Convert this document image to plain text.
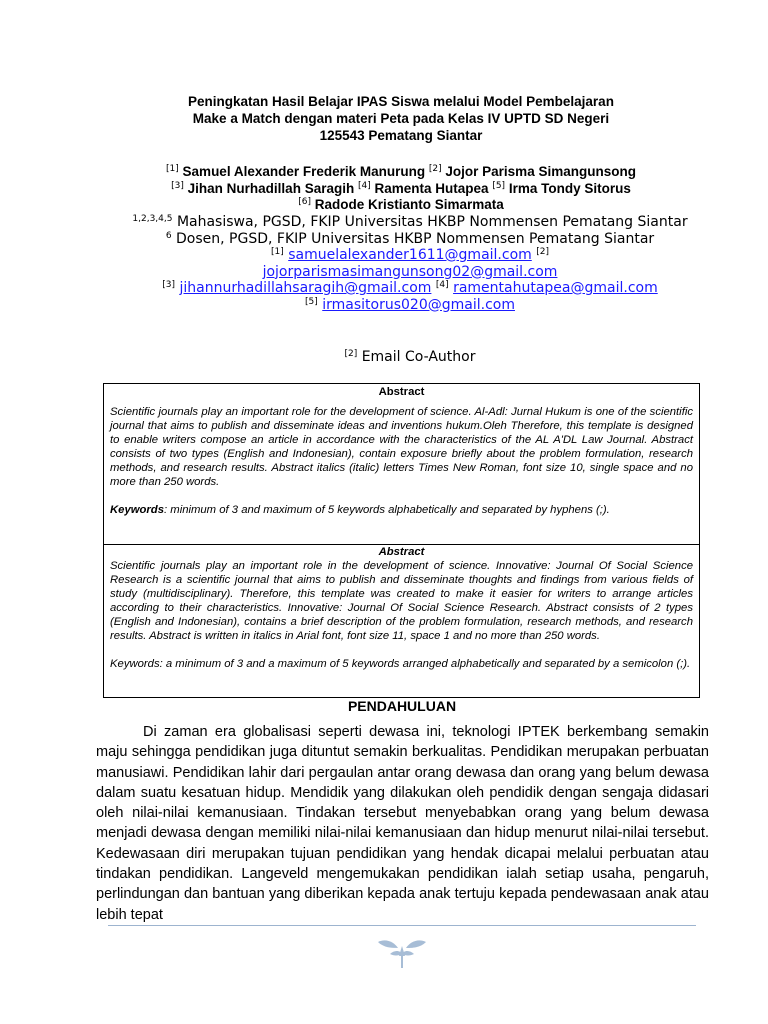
Peningkatan Hasil Belajar IPAS Siswa melalui Model Pembelajaran
Make a Match dengan materi Peta pada Kelas IV UPTD SD Negeri
125543 Pematang Siantar
[1] Samuel Alexander Frederik Manurung [2] Jojor Parisma Simangunsong
[3] Jihan Nurhadillah Saragih [4] Ramenta Hutapea [5] Irma Tondy Sitorus
[6] Radode Kristianto Simarmata
$^{1,2,3,4,5}$ Mahasiswa, PGSD, FKIP Universitas HKBP Nommensen Pematang Siantar
$^6$ Dosen, PGSD, FKIP Universitas HKBP Nommensen Pematang Siantar
[1] samuelalexander1611@gmail.com [2]
jojorparismasimangunsong02@gmail.com
[3] jihannurhadillahsaragih@gmail.com [4] ramentahutapea@gmail.com
[5] irmasitorus020@gmail.com
[2] Email Co-Author
Abstract
Scientific journals play an important role for the development of science. Al-Adl: Jurnal Hukum is one of the scientific journal that aims to publish and disseminate ideas and inventions hukum.Oleh Therefore, this template is designed to enable writers compose an article in accordance with the characteristics of the AL A'DL Law Journal. Abstract consists of two types (English and Indonesian), contain exposure briefly about the problem formulation, research methods, and research results. Abstract italics (italic) letters Times New Roman, font size 10, single space and no more than 250 words.
Keywords: minimum of 3 and maximum of 5 keywords alphabetically and separated by hyphens (;).
Abstract
Scientific journals play an important role in the development of science. Innovative: Journal Of Social Science Research is a scientific journal that aims to publish and disseminate thoughts and findings from various fields of study (multidisciplinary). Therefore, this template was created to make it easier for writers to arrange articles according to their characteristics. Innovative: Journal Of Social Science Research. Abstract consists of 2 types (English and Indonesian), contains a brief description of the problem formulation, research methods, and research results. Abstract is written in italics in Arial font, font size 11, space 1 and no more than 250 words.
Keywords: a minimum of 3 and a maximum of 5 keywords arranged alphabetically and separated by a semicolon (;).
PENDAHULUAN
Di zaman era globalisasi seperti dewasa ini, teknologi IPTEK berkembang semakin maju sehingga pendidikan juga dituntut semakin berkualitas. Pendidikan merupakan perbuatan manusiawi. Pendidikan lahir dari pergaulan antar orang dewasa dan orang yang belum dewasa dalam suatu kesatuan hidup. Mendidik yang dilakukan oleh pendidik dengan sengaja didasari oleh nilai-nilai kemanusiaan. Tindakan tersebut menyebabkan orang yang belum dewasa menjadi dewasa dengan memiliki nilai-nilai kemanusiaan dan hidup menurut nilai-nilai tersebut. Kedewasaan diri merupakan tujuan pendidikan yang hendak dicapai melalui perbuatan atau tindakan pendidikan. Langeveld mengemukakan pendidikan ialah setiap usaha, pengaruh, perlindungan dan bantuan yang diberikan kepada anak tertuju kepada pendewasaan anak atau lebih tepat
